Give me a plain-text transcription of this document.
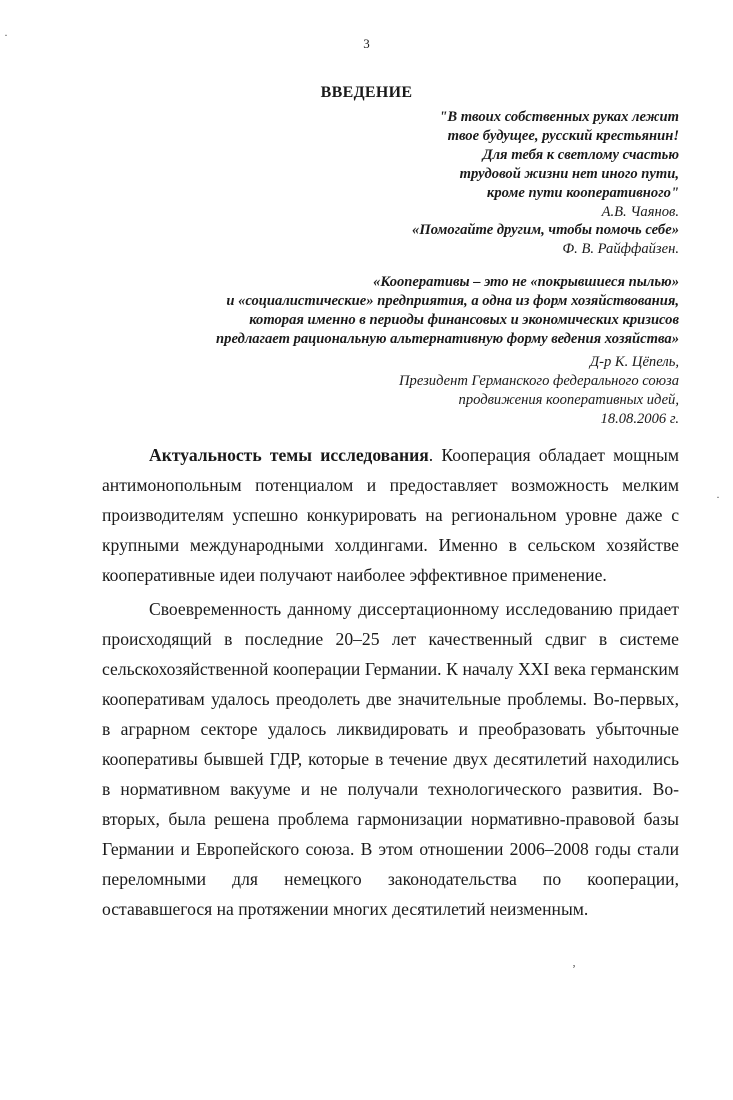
3
ВВЕДЕНИЕ
"В твоих собственных руках лежит
твое будущее, русский крестьянин!
Для тебя к светлому счастью
трудовой жизни нет иного пути,
кроме пути кооперативного"
А.В. Чаянов.
«Помогайте другим, чтобы помочь себе»
Ф. В. Райффайзен.
«Кооперативы – это не «покрывшиеся пылью»
и «социалистические» предприятия, а одна из форм хозяйствования,
которая именно в периоды финансовых и экономических кризисов
предлагает рациональную альтернативную форму ведения хозяйства»
Д-р К. Цёпель,
Президент Германского федерального союза
продвижения кооперативных идей,
18.08.2006 г.

Актуальность темы исследования. Кооперация обладает мощным антимонопольным потенциалом и предоставляет возможность мелким производителям успешно конкурировать на региональном уровне даже с крупными международными холдингами. Именно в сельском хозяйстве кооперативные идеи получают наиболее эффективное применение.

Своевременность данному диссертационному исследованию придает происходящий в последние 20–25 лет качественный сдвиг в системе сельскохозяйственной кооперации Германии. К началу XXI века германским кооперативам удалось преодолеть две значительные проблемы. Во-первых, в аграрном секторе удалось ликвидировать и преобразовать убыточные кооперативы бывшей ГДР, которые в течение двух десятилетий находились в нормативном вакууме и не получали технологического развития. Во-вторых, была решена проблема гармонизации нормативно-правовой базы Германии и Европейского союза. В этом отношении 2006–2008 годы стали переломными для немецкого законодательства по кооперации, остававшегося на протяжении многих десятилетий неизменным.

·
·
ʼ
